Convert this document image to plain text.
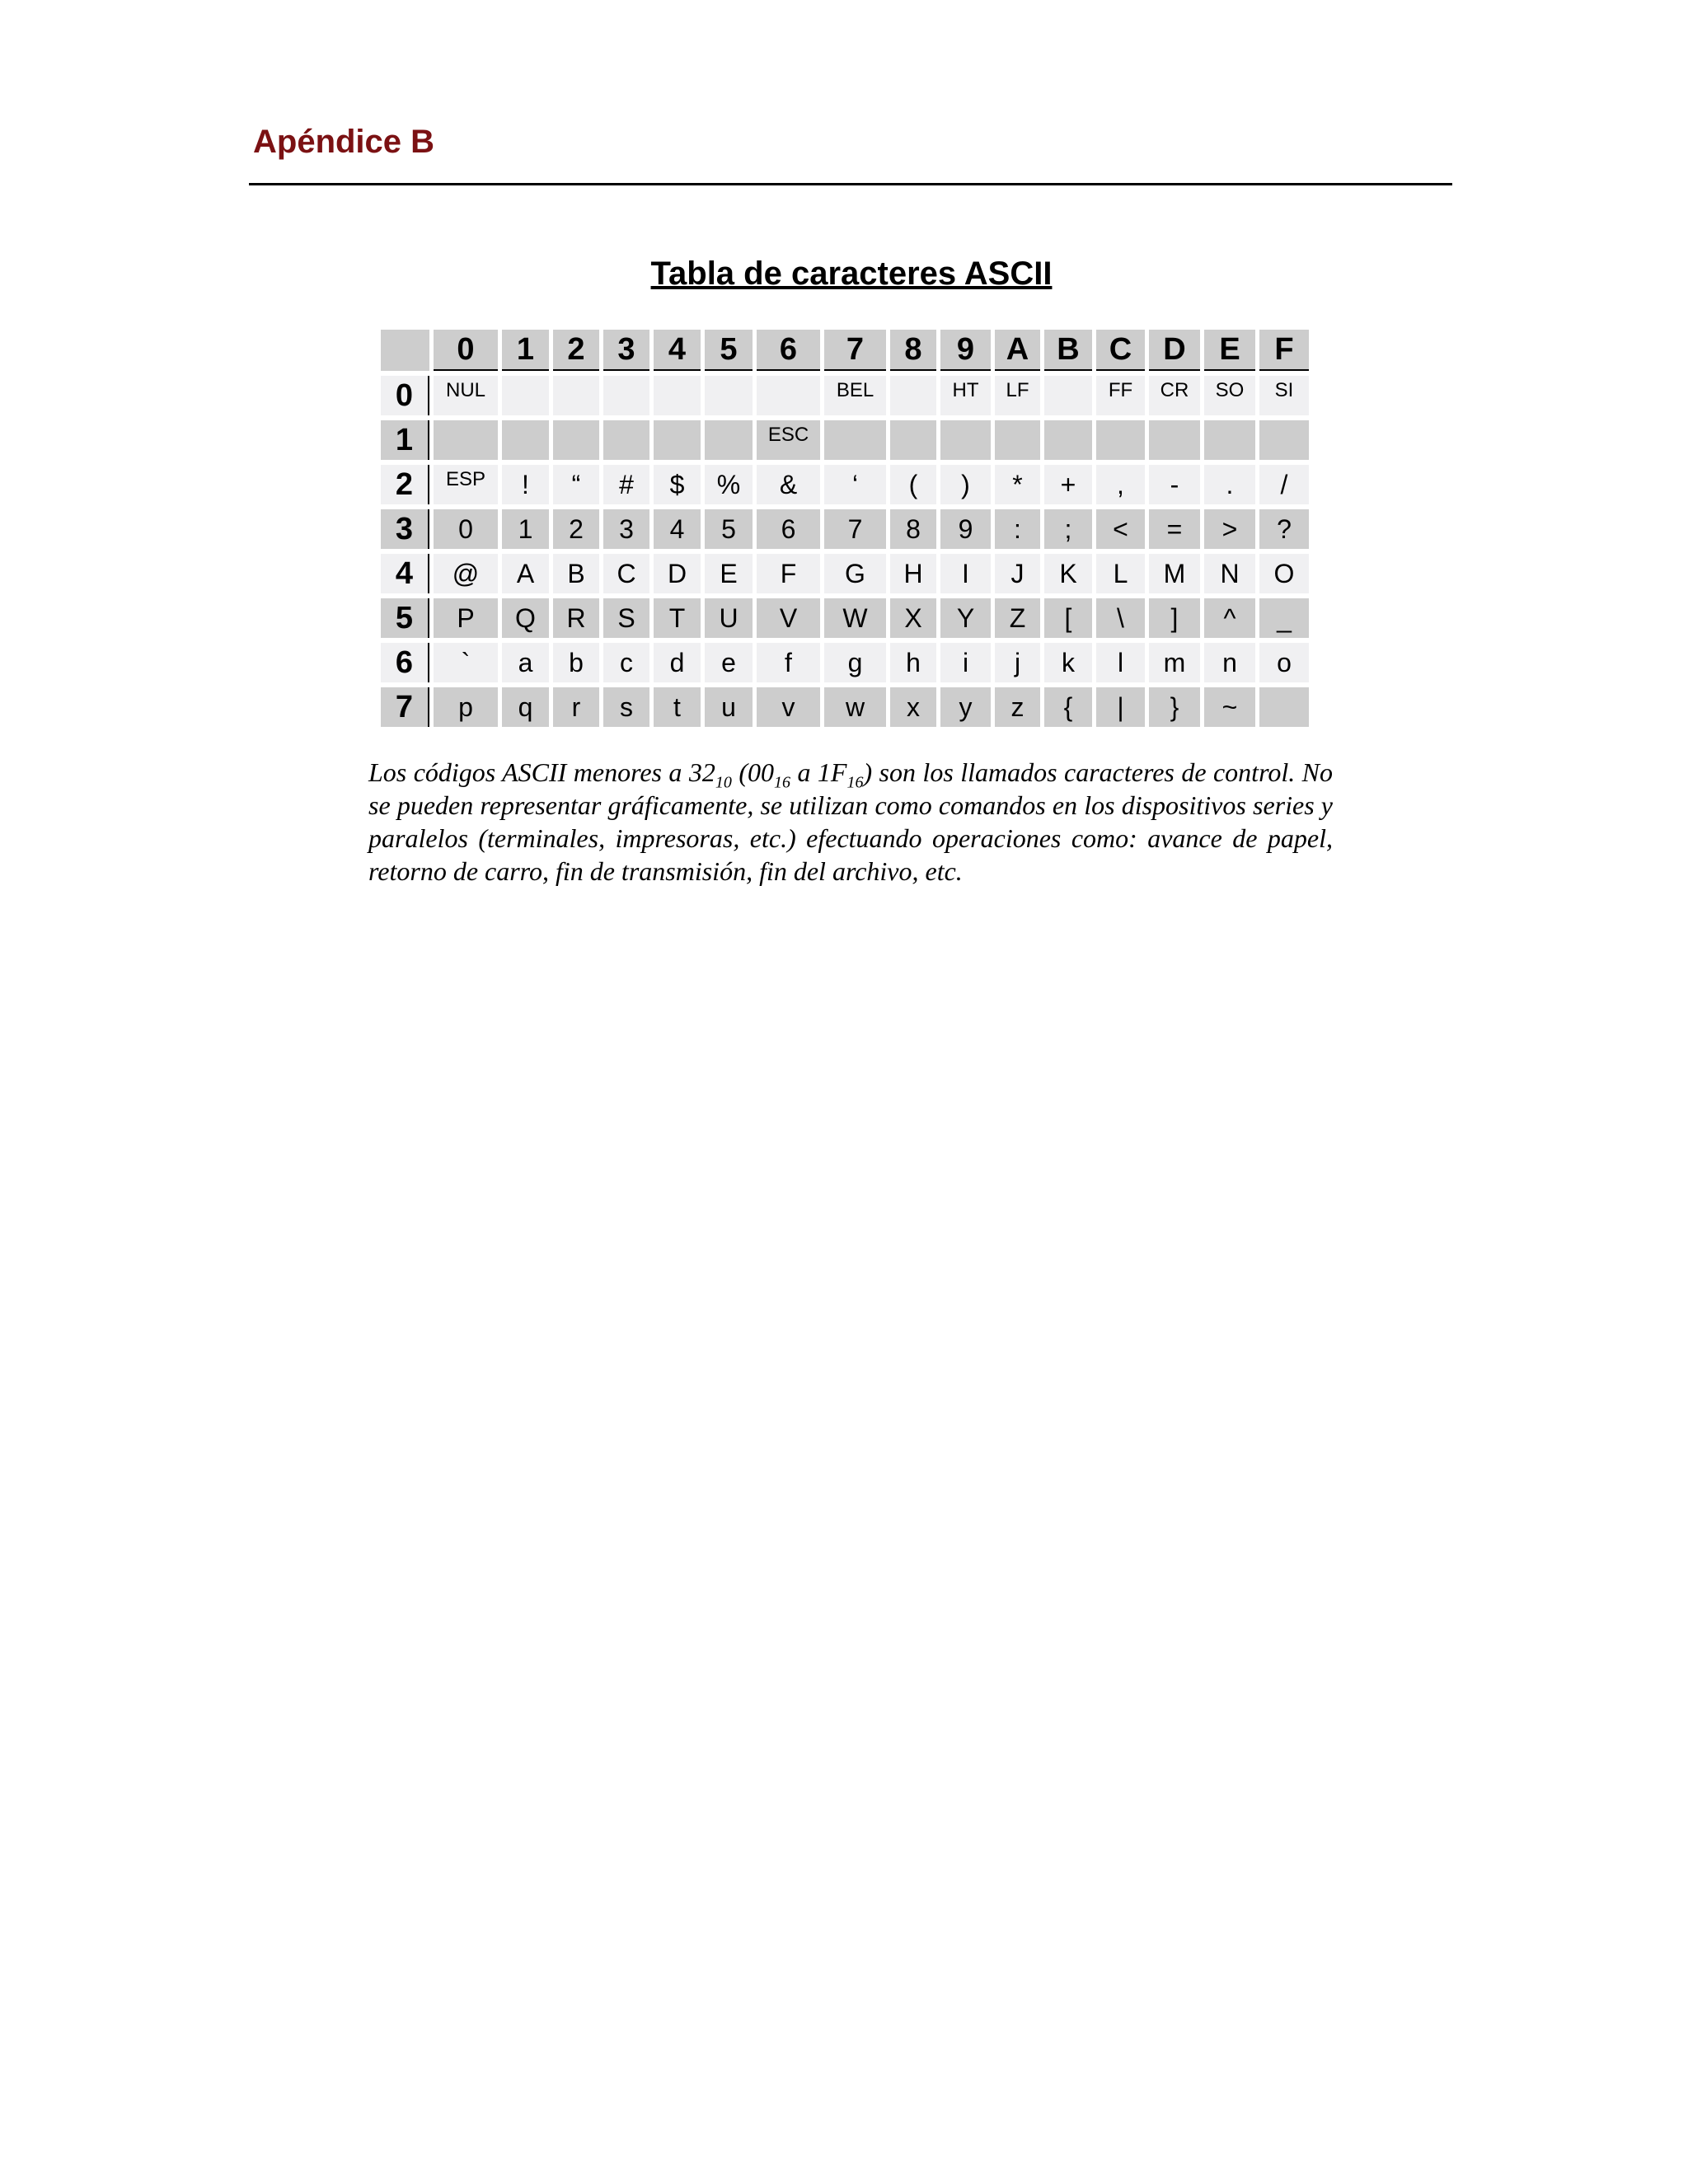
Apéndice B
Tabla de caracteres ASCII
	0	1	2	3	4	5	6	7	8	9	A	B	C	D	E	F
0	NUL							BEL		HT	LF		FF	CR	SO	SI
1							ESC									
2	ESP	!	“	#	$	%	&	‘	(	)	*	+	,	-	.	/
3	0	1	2	3	4	5	6	7	8	9	:	;	<	=	>	?
4	@	A	B	C	D	E	F	G	H	I	J	K	L	M	N	O
5	P	Q	R	S	T	U	V	W	X	Y	Z	[	\	]	^	_
6	`	a	b	c	d	e	f	g	h	i	j	k	l	m	n	o
7	p	q	r	s	t	u	v	w	x	y	z	{	|	}	~	
Los códigos ASCII menores a $32_{10}$ ($00_{16}$ a $1F_{16}$) son los llamados caracteres de control. No se pueden representar gráficamente, se utilizan como comandos en los dispositivos series y paralelos (terminales, impresoras, etc.) efectuando operaciones como: avance de papel, retorno de carro, fin de transmisión, fin del archivo, etc.
